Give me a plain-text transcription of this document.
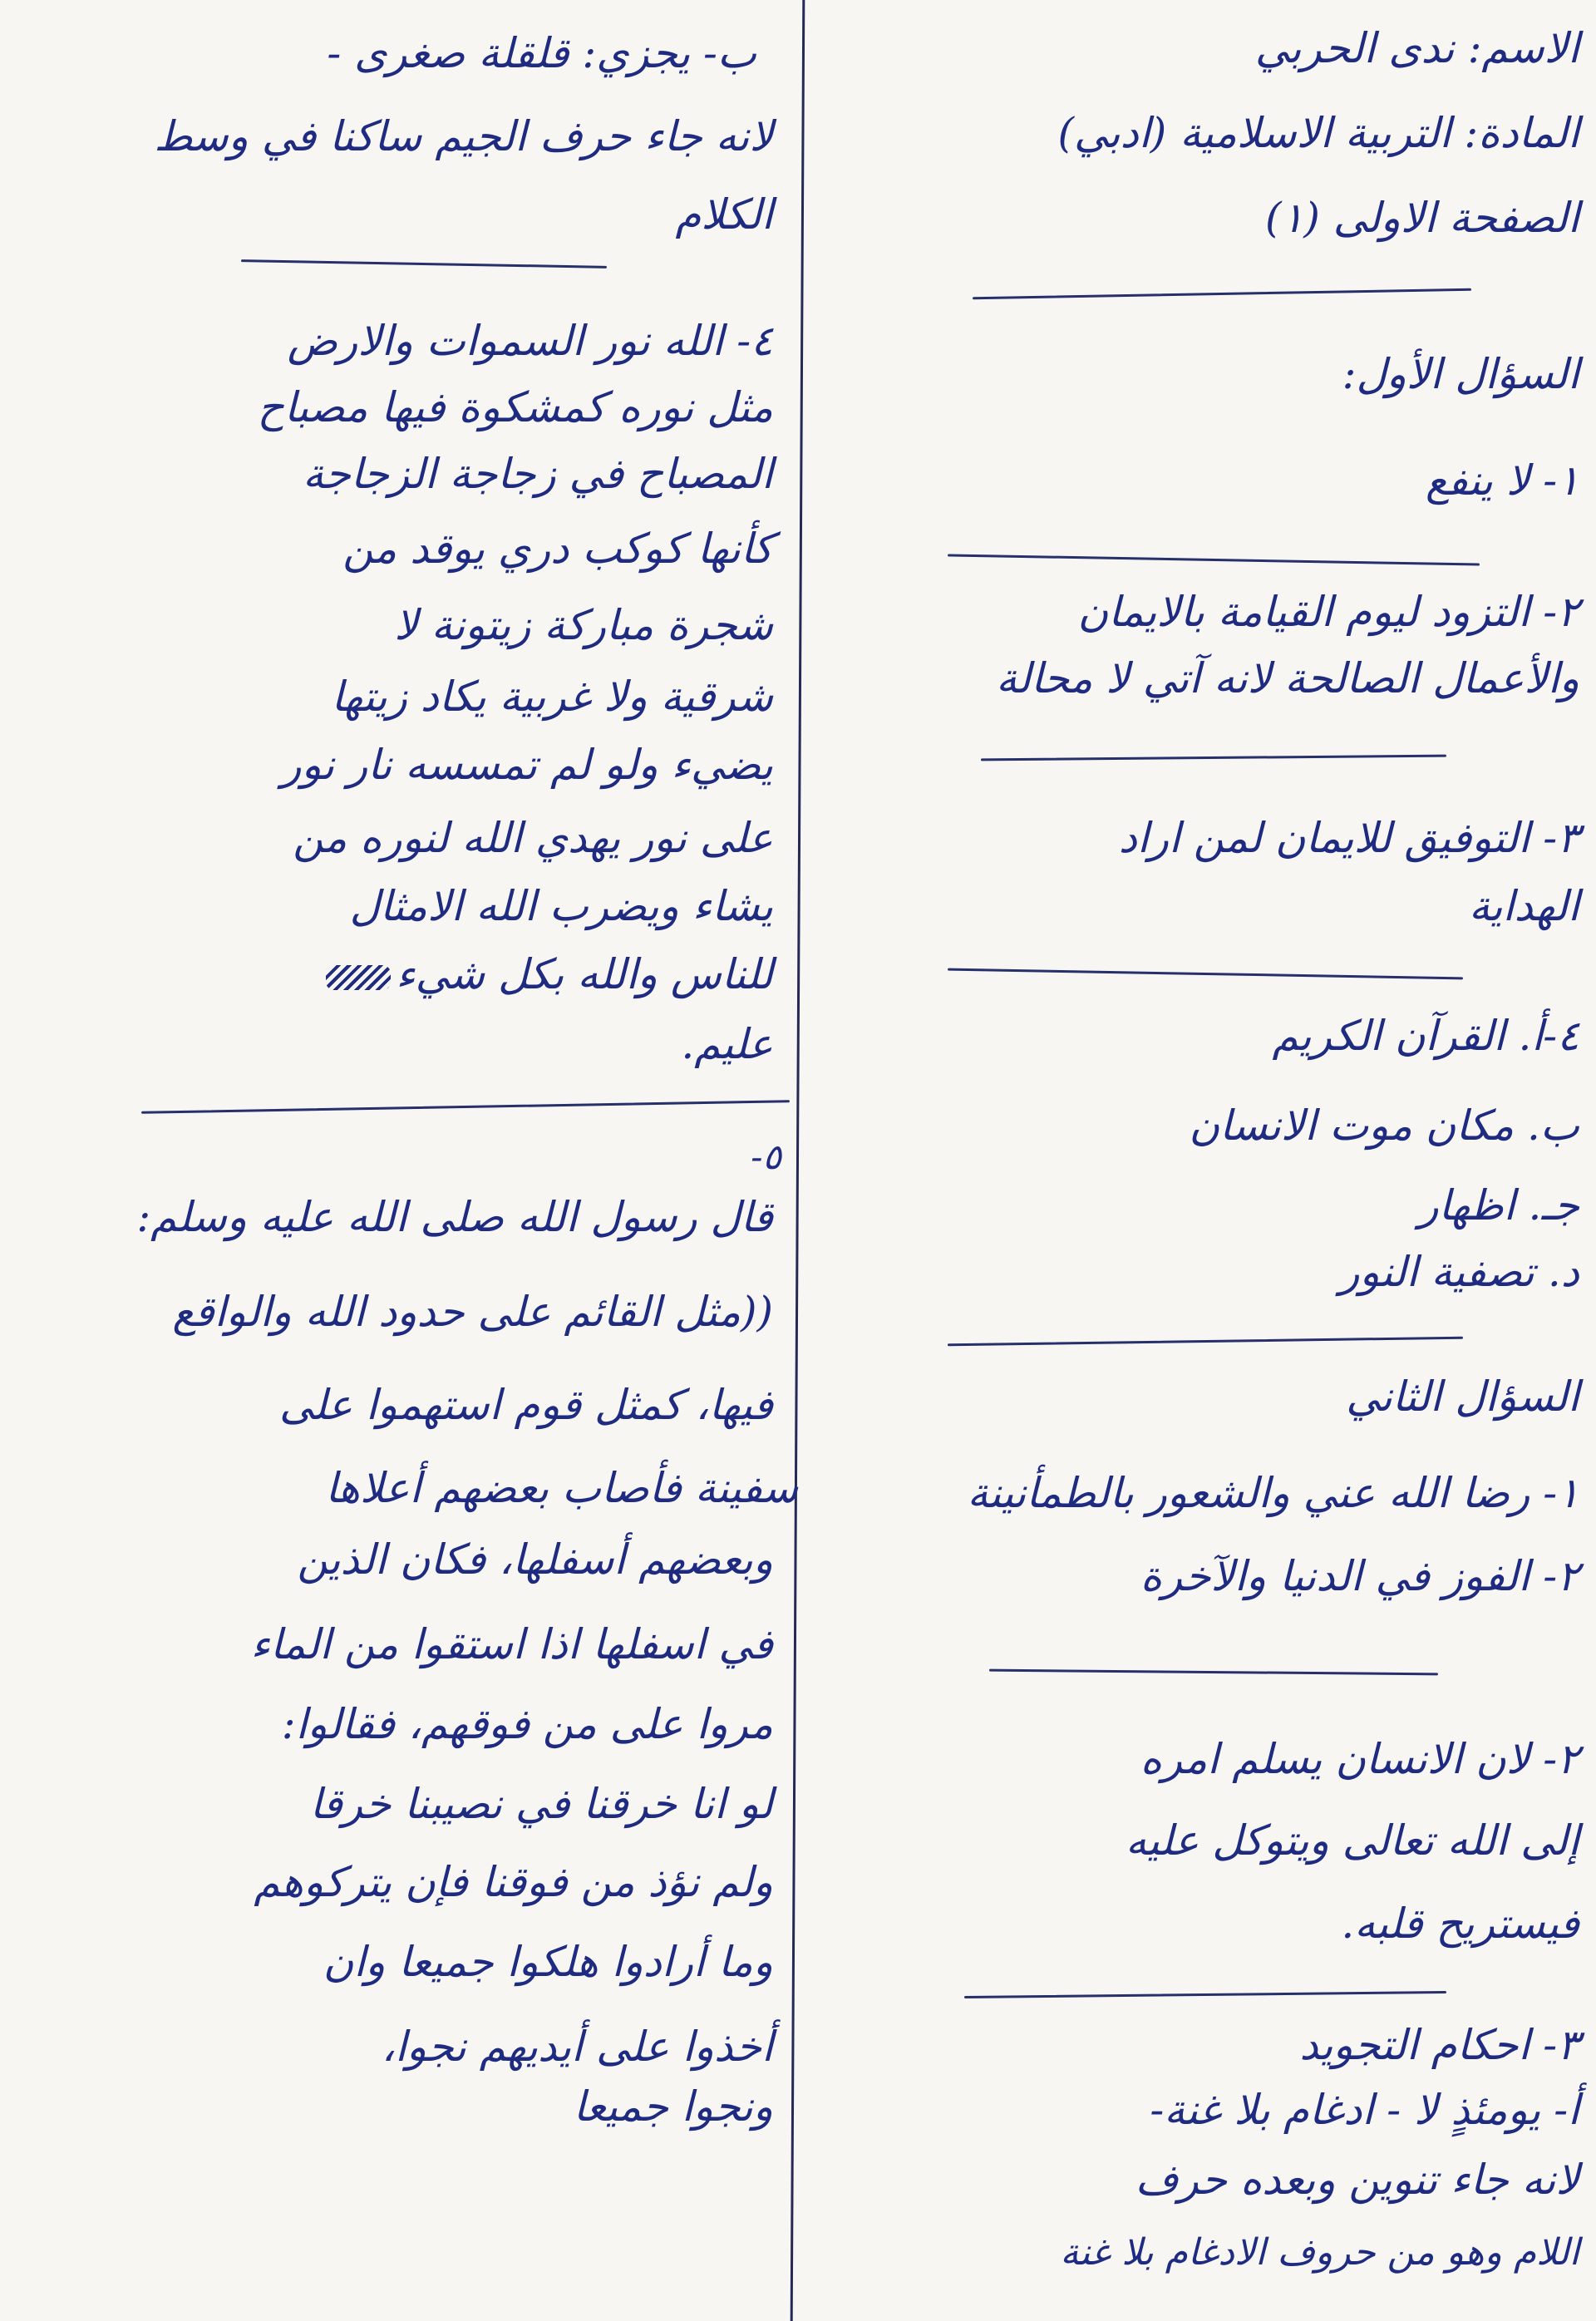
الاسم: ندى الحربي
المادة: التربية الاسلامية (ادبي)
الصفحة الاولى (١)
السؤال الأول:
١- لا ينفع
٢- التزود ليوم القيامة بالايمان
والأعمال الصالحة لانه آتي لا محالة
٣- التوفيق للايمان لمن اراد
الهداية
٤-أ. القرآن الكريم
ب. مكان موت الانسان
جـ. اظهار
د. تصفية النور
السؤال الثاني
١- رضا الله عني والشعور بالطمأنينة
٢- الفوز في الدنيا والآخرة
٢- لان الانسان يسلم امره
إلى الله تعالى ويتوكل عليه
فيستريح قلبه.
٣- احكام التجويد
أ- يومئذٍ لا - ادغام بلا غنة-
لانه جاء تنوين وبعده حرف
اللام وهو من حروف الادغام بلا غنة
ب- يجزي: قلقلة صغرى -
لانه جاء حرف الجيم ساكنا في وسط
الكلام
٤- الله نور السموات والارض
مثل نوره كمشكوة فيها مصباح
المصباح في زجاجة الزجاجة
كأنها كوكب دري يوقد من
شجرة مباركة زيتونة لا
شرقية ولا غربية يكاد زيتها
يضيء ولو لم تمسسه نار نور
على نور يهدي الله لنوره من
يشاء ويضرب الله الامثال
للناس والله بكل شيء
عليم.
٥-
قال رسول الله صلى الله عليه وسلم:
((مثل القائم على حدود الله والواقع
فيها، كمثل قوم استهموا على
سفينة فأصاب بعضهم أعلاها
وبعضهم أسفلها، فكان الذين
في اسفلها اذا استقوا من الماء
مروا على من فوقهم، فقالوا:
لو انا خرقنا في نصيبنا خرقا
ولم نؤذ من فوقنا فإن يتركوهم
وما أرادوا هلكوا جميعا وان
أخذوا على أيديهم نجوا،
ونجوا جميعا
